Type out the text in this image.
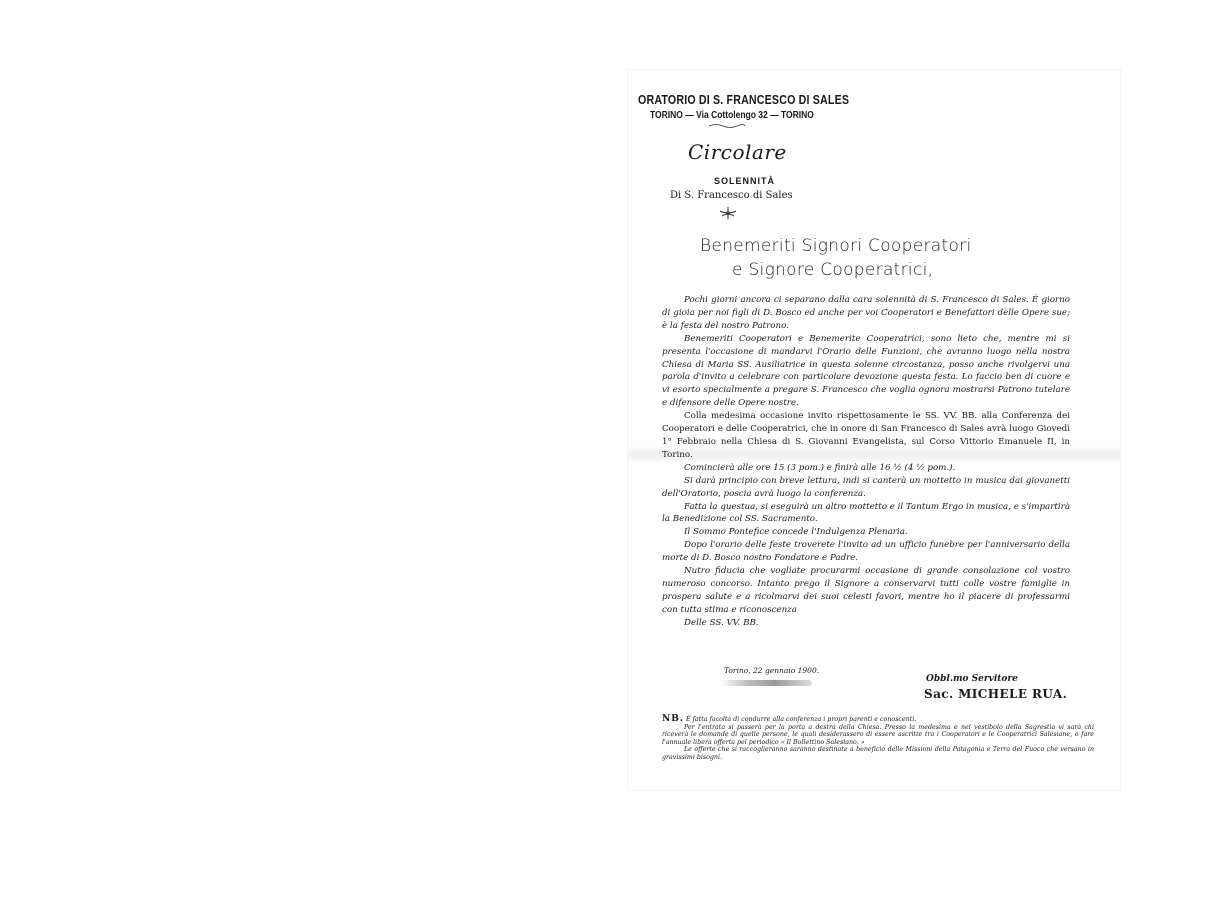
ORATORIO DI S. FRANCESCO DI SALES
TORINO — Via Cottolengo 32 — TORINO
Circolare
SOLENNITÀ
Di S. Francesco di Sales
Benemeriti Signori Cooperatori
e Signore Cooperatrici,

Pochi giorni ancora ci separano dalla cara solennità di S. Francesco di Sales. È giorno di gioia per noi figli di D. Bosco ed anche per voi Cooperatori e Benefattori delle Opere sue; è la festa del nostro Patrono.

Benemeriti Cooperatori e Benemerite Cooperatrici, sono lieto che, mentre mi si presenta l'occasione di mandarvi l'Orario delle Funzioni, che avranno luogo nella nostra Chiesa di Maria SS. Ausiliatrice in questa solenne circostanza, posso anche rivolgervi una parola d'invito a celebrare con particolare devozione questa festa. Lo faccio ben di cuore e vi esorto specialmente a pregare S. Francesco che voglia ognora mostrarsi Patrono tutelare e difensore delle Opere nostre.

Colla medesima occasione invito rispettosamente le SS. VV. BB. alla Conferenza dei Cooperatori e delle Cooperatrici, che in onore di San Francesco di Sales avrà luogo Giovedì 1° Febbraio nella Chiesa di S. Giovanni Evangelista, sul Corso Vittorio Emanuele II, in Torino.

Comincierà alle ore 15 (3 pom.) e finirà alle 16 ½ (4 ½ pom.).

Si darà principio con breve lettura, indi si canterà un mottetto in musica dai giovanetti dell'Oratorio, poscia avrà luogo la conferenza.

Fatta la questua, si eseguirà un altro mottetto e il Tantum Ergo in musica, e s'impartirà la Benedizione col SS. Sacramento.

Il Sommo Pontefice concede l'Indulgenza Plenaria.

Dopo l'orario delle feste troverete l'invito ad un ufficio funebre per l'anniversario della morte di D. Bosco nostro Fondatore e Padre.

Nutro fiducia che vogliate procurarmi occasione di grande consolazione col vostro numeroso concorso. Intanto prego il Signore a conservarvi tutti colle vostre famiglie in prospera salute e a ricolmarvi dei suoi celesti favori, mentre ho il piacere di professarmi con tutta stima e riconoscenza

Delle SS. VV. BB.

Torino, 22 gennaio 1900.
Obbl.mo Servitore
Sac. MICHELE RUA.

NB. È fatta facoltà di condurre alla conferenza i propri parenti e conoscenti.

Per l'entrata si passerà per la porta a destra della Chiesa. Presso la medesima e nel vestibolo della Sagrestia vi sarà chi riceverà le domande di quelle persone, le quali desiderassero di essere ascritte tra i Cooperatori e le Cooperatrici Salesiane, o fare l'annuale libera offerta pel periodico « Il Bollettino Salesiano. »

Le offerte che si raccoglieranno saranno destinate a beneficio delle Missioni della Patagonia e Terra del Fuoco che versano in gravissimi bisogni.
